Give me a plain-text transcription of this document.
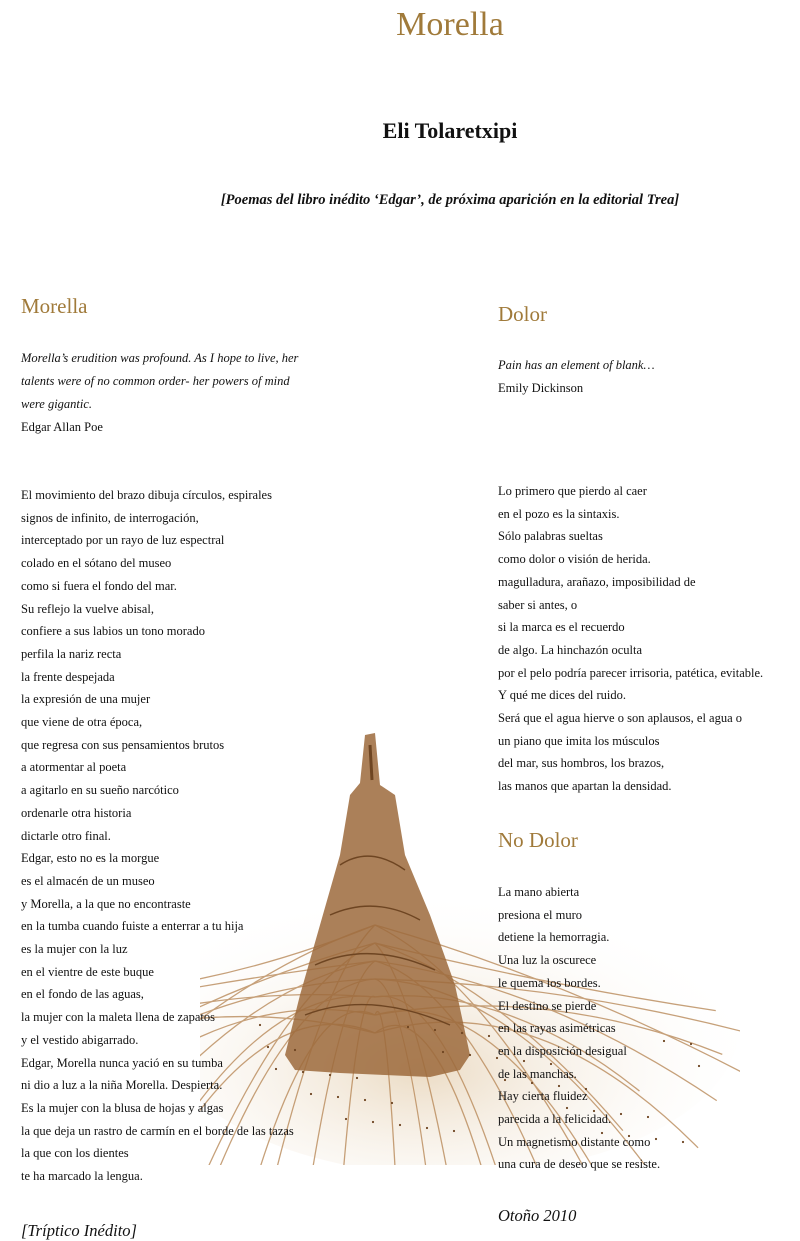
Morella
Eli Tolaretxipi
[Poemas del libro inédito ‘Edgar’, de próxima aparición en la editorial Trea]
Morella
Morella’s erudition was profound. As I hope to live, her
talents were of no common order- her powers of mind
were gigantic.
Edgar Allan Poe
El movimiento del brazo dibuja círculos, espirales
signos de infinito, de interrogación,
interceptado por un rayo de luz espectral
colado en el sótano del museo
como si fuera el fondo del mar.
Su reflejo la vuelve abisal,
confiere a sus labios un tono morado
perfila la nariz recta
la frente despejada
la expresión de una mujer
que viene de otra época,
que regresa con sus pensamientos brutos
a atormentar al poeta
a agitarlo en su sueño narcótico
ordenarle otra historia
dictarle otro final.
Edgar, esto no es la morgue
es el almacén de un museo
y Morella, a la que no encontraste
en la tumba cuando fuiste a enterrar a tu hija
es la mujer con la luz
en el vientre de este buque
en el fondo de las aguas,
la mujer con la maleta llena de zapatos
y el vestido abigarrado.
Edgar, Morella nunca yació en su tumba
ni dio a luz a la niña Morella. Despierta.
Es la mujer con la blusa de hojas y algas
la que deja un rastro de carmín en el borde de las tazas
la que con los dientes
te ha marcado la lengua.
[Tríptico Inédito]
Dolor
Pain has an element of blank…
Emily Dickinson
Lo primero que pierdo al caer
en el pozo es la sintaxis.
Sólo palabras sueltas
como dolor o visión de herida.
magulladura, arañazo, imposibilidad de
saber si antes, o
si la marca es el recuerdo
de algo. La hinchazón oculta
por el pelo podría parecer irrisoria, patética, evitable.
Y qué me dices del ruido.
Será que el agua hierve o son aplausos, el agua o
un piano que imita los músculos
del mar, sus hombros, los brazos,
las manos que apartan la densidad.
No Dolor
La mano abierta
presiona el muro
detiene la hemorragia.
Una luz la oscurece
le quema los bordes.
El destino se pierde
en las rayas asimétricas
en la disposición desigual
de las manchas.
Hay cierta fluidez
parecida a la felicidad.
Un magnetismo distante como
una cura de deseo que se resiste.
Otoño 2010
